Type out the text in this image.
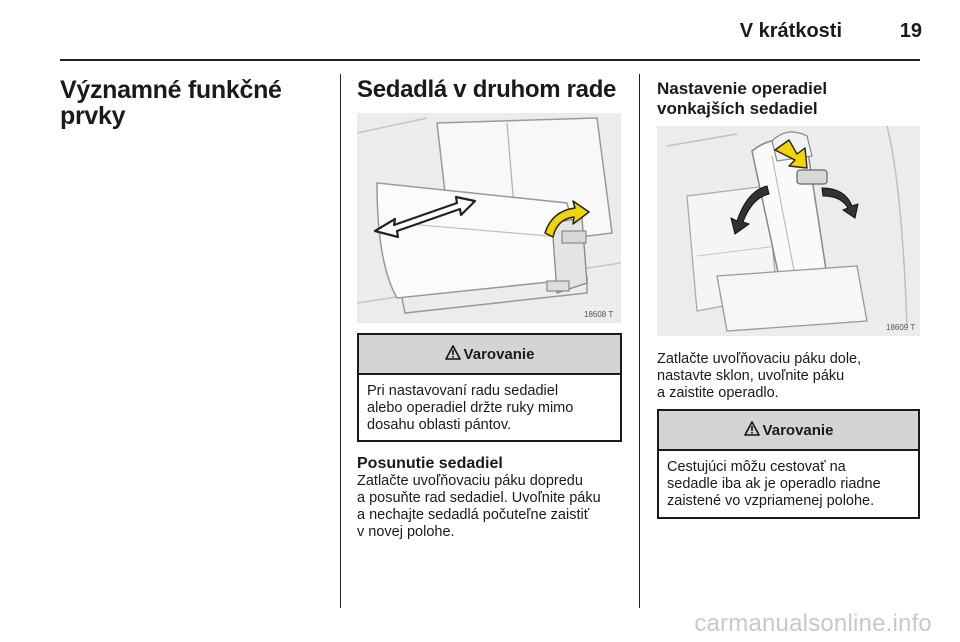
V krátkosti	19
Významné funkčné
prvky
Sedadlá v druhom rade
18608 T
Varovanie
Pri nastavovaní radu sedadiel
alebo operadiel držte ruky mimo
dosahu oblasti pántov.
Posunutie sedadiel
Zatlačte uvoľňovaciu páku dopredu
a posuňte rad sedadiel. Uvoľnite páku
a nechajte sedadlá počuteľne zaistiť
v novej polohe.
Nastavenie operadiel
vonkajších sedadiel
18609 T
Zatlačte uvoľňovaciu páku dole,
nastavte sklon, uvoľnite páku
a zaistite operadlo.
Varovanie
Cestujúci môžu cestovať na
sedadle iba ak je operadlo riadne
zaistené vo vzpriamenej polohe.
carmanualsonline.info
